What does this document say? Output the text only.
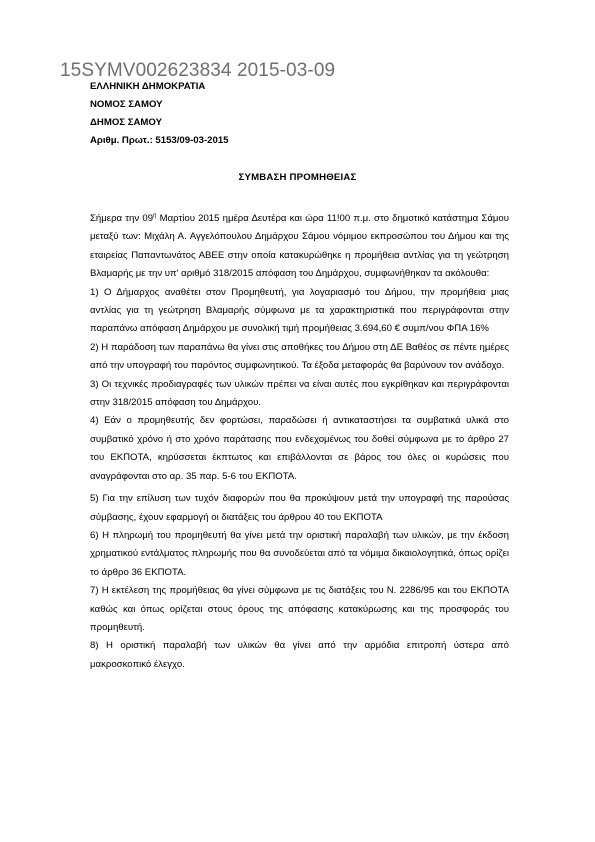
15SYMV002623834 2015-03-09
ΕΛΛΗΝΙΚΗ ΔΗΜΟΚΡΑΤΙΑ
ΝΟΜΟΣ ΣΑΜΟΥ
ΔΗΜΟΣ ΣΑΜΟΥ
Αριθμ. Πρωτ.: 5153/09-03-2015
ΣΥΜΒΑΣΗ ΠΡΟΜΗΘΕΙΑΣ

Σήμερα την $09^\eta$ Μαρτίου 2015 ημέρα Δευτέρα και ώρα 11!00 π.μ. στο δημοτικό κατάστημα Σάμου μεταξύ των: Μιχάλη Α. Αγγελόπουλου Δημάρχου Σάμου νόμιμου εκπροσώπου του Δήμου και της εταιρείας Παπαντωνάτος ΑΒΕΕ στην οποία κατακυρώθηκε η προμήθεια αντλίας για τη γεώτρηση Βλαμαρής με την υπ' αριθμό 318/2015 απόφαση του Δημάρχου, συμφωνήθηκαν τα ακόλουθα:

1) Ο Δήμαρχος αναθέτει στον Προμηθευτή, για λογαριασμό του Δήμου, την προμήθεια μιας αντλίας για τη γεώτρηση Βλαμαρής σύμφωνα με τα χαρακτηριστικά που περιγράφονται στην παραπάνω απόφαση Δημάρχου με συνολική τιμή προμήθειας 3.694,60 € συμπ/νου ΦΠΑ 16%

2) Η παράδοση των παραπάνω θα γίνει στις αποθήκες του Δήμου στη ΔΕ Βαθέος σε πέντε ημέρες από την υπογραφή του παρόντος συμφωνητικού. Τα έξοδα μεταφοράς θα βαρύνουν τον ανάδοχο.

3) Οι τεχνικές προδιαγραφές των υλικών πρέπει να είναι αυτές που εγκρίθηκαν και περιγράφονται στην 318/2015 απόφαση του Δημάρχου.

4) Εάν ο προμηθευτής δεν φορτώσει, παραδώσει ή αντικαταστήσει τα συμβατικά υλικά στο συμβατικό χρόνο ή στο χρόνο παράτασης που ενδεχομένως του δοθεί σύμφωνα με το άρθρο 27 του ΕΚΠΟΤΑ, κηρύσσεται έκπτωτος και επιβάλλονται σε βάρος του όλες οι κυρώσεις που αναγράφονται στο αρ. 35 παρ. 5-6 του ΕΚΠΟΤΑ.

5) Για την επίλυση των τυχόν διαφορών που θα προκύψουν μετά την υπογραφή της παρούσας σύμβασης, έχουν εφαρμογή οι διατάξεις του άρθρου 40 του ΕΚΠΟΤΑ

6) Η πληρωμή του προμηθευτή θα γίνει μετά την οριστική παραλαβή των υλικών, με την έκδοση χρηματικού εντάλματος πληρωμής που θα συνοδεύεται από τα νόμιμα δικαιολογητικά, όπως ορίζει το άρθρο 36 ΕΚΠΟΤΑ.

7) Η εκτέλεση της προμήθειας θα γίνει σύμφωνα με τις διατάξεις του Ν. 2286/95 και του ΕΚΠΟΤΑ καθώς και όπως ορίζεται στους όρους της απόφασης κατακύρωσης και της προσφοράς του προμηθευτή.

8) Η οριστική παραλαβή των υλικών θα γίνει από την αρμόδια επιτροπή ύστερα από μακροσκοπικό έλεγχο.
